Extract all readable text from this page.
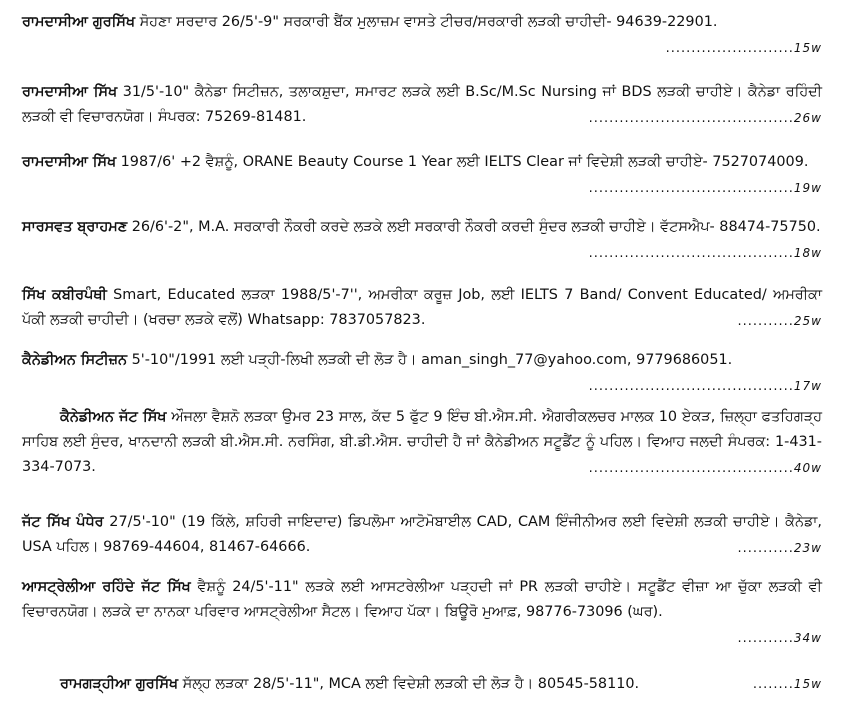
ਰਾਮਦਾਸੀਆ ਗੁਰਸਿੱਖ ਸੋਹਣਾ ਸਰਦਾਰ 26/5'-9" ਸਰਕਾਰੀ ਬੈਂਕ ਮੁਲਾਜ਼ਮ ਵਾਸਤੇ ਟੀਚਰ/ਸਰਕਾਰੀ ਲੜਕੀ ਚਾਹੀਦੀ- 94639-22901.
.........................15w
ਰਾਮਦਾਸੀਆ ਸਿੱਖ 31/5'-10" ਕੈਨੇਡਾ ਸਿਟੀਜ਼ਨ, ਤਲਾਕਸ਼ੁਦਾ, ਸਮਾਰਟ ਲੜਕੇ ਲਈ B.Sc/M.Sc Nursing ਜਾਂ BDS ਲੜਕੀ ਚਾਹੀਏ। ਕੈਨੇਡਾ ਰਹਿੰਦੀ ਲੜਕੀ ਵੀ ਵਿਚਾਰਨਯੋਗ। ਸੰਪਰਕ: 75269-81481.	........................................26w
ਰਾਮਦਾਸੀਆ ਸਿੱਖ 1987/6' +2 ਵੈਸ਼ਨੂੰ, ORANE Beauty Course 1 Year ਲਈ IELTS Clear ਜਾਂ ਵਿਦੇਸ਼ੀ ਲੜਕੀ ਚਾਹੀਏ- 7527074009.
........................................19w
ਸਾਰਸਵਤ ਬ੍ਰਾਹਮਣ 26/6'-2", M.A. ਸਰਕਾਰੀ ਨੌਕਰੀ ਕਰਦੇ ਲੜਕੇ ਲਈ ਸਰਕਾਰੀ ਨੌਕਰੀ ਕਰਦੀ ਸੁੰਦਰ ਲੜਕੀ ਚਾਹੀਏ। ਵੱਟਸਐਪ- 88474-75750.
........................................18w
ਸਿੱਖ ਕਬੀਰਪੰਥੀ Smart, Educated ਲੜਕਾ 1988/5'-7'', ਅਮਰੀਕਾ ਕਰੂਜ਼ Job, ਲਈ IELTS 7 Band/ Convent Educated/ ਅਮਰੀਕਾ ਪੱਕੀ ਲੜਕੀ ਚਾਹੀਦੀ। (ਖਰਚਾ ਲੜਕੇ ਵਲੋਂ) Whatsapp: 7837057823.	...........25w
ਕੈਨੇਡੀਅਨ ਸਿਟੀਜ਼ਨ 5'-10"/1991 ਲਈ ਪੜ੍ਹੀ-ਲਿਖੀ ਲੜਕੀ ਦੀ ਲੋੜ ਹੈ। aman_singh_77@yahoo.com, 9779686051.
........................................17w
ਕੈਨੇਡੀਅਨ ਜੱਟ ਸਿੱਖ ਔਜਲਾ ਵੈਸ਼ਨੋ ਲੜਕਾ ਉਮਰ 23 ਸਾਲ, ਕੱਦ 5 ਫੁੱਟ 9 ਇੰਚ ਬੀ.ਐਸ.ਸੀ. ਐਗਰੀਕਲਚਰ ਮਾਲਕ 10 ਏਕੜ, ਜ਼ਿਲ੍ਹਾ ਫਤਹਿਗੜ੍ਹ ਸਾਹਿਬ ਲਈ ਸੁੰਦਰ, ਖਾਨਦਾਨੀ ਲੜਕੀ ਬੀ.ਐਸ.ਸੀ. ਨਰਸਿੰਗ, ਬੀ.ਡੀ.ਐਸ. ਚਾਹੀਦੀ ਹੈ ਜਾਂ ਕੈਨੇਡੀਅਨ ਸਟੂਡੈਂਟ ਨੂੰ ਪਹਿਲ। ਵਿਆਹ ਜਲਦੀ ਸੰਪਰਕ: 1-431-334-7073.	........................................40w
ਜੱਟ ਸਿੱਖ ਪੰਧੇਰ 27/5'-10" (19 ਕਿੱਲੇ, ਸ਼ਹਿਰੀ ਜਾਇਦਾਦ) ਡਿਪਲੋਮਾ ਆਟੋਮੋਬਾਈਲ CAD, CAM ਇੰਜੀਨੀਅਰ ਲਈ ਵਿਦੇਸ਼ੀ ਲੜਕੀ ਚਾਹੀਏ। ਕੈਨੇਡਾ, USA ਪਹਿਲ। 98769-44604, 81467-64666.	...........23w
ਆਸਟ੍ਰੇਲੀਆ ਰਹਿੰਦੇ ਜੱਟ ਸਿੱਖ ਵੈਸ਼ਨੂੰ 24/5'-11" ਲੜਕੇ ਲਈ ਆਸਟਰੇਲੀਆ ਪੜ੍ਹਦੀ ਜਾਂ PR ਲੜਕੀ ਚਾਹੀਏ। ਸਟੂਡੈਂਟ ਵੀਜ਼ਾ ਆ ਚੁੱਕਾ ਲੜਕੀ ਵੀ ਵਿਚਾਰਨਯੋਗ। ਲੜਕੇ ਦਾ ਨਾਨਕਾ ਪਰਿਵਾਰ ਆਸਟ੍ਰੇਲੀਆ ਸੈਟਲ। ਵਿਆਹ ਪੱਕਾ। ਬਿਊਰੋ ਮੁਆਫ਼, 98776-73096 (ਘਰ).
...........34w
ਰਾਮਗੜ੍ਹੀਆ ਗੁਰਸਿੱਖ ਸੱਲ੍ਹ ਲੜਕਾ 28/5'-11", MCA ਲਈ ਵਿਦੇਸ਼ੀ ਲੜਕੀ ਦੀ ਲੋੜ ਹੈ। 80545-58110.	........15w
